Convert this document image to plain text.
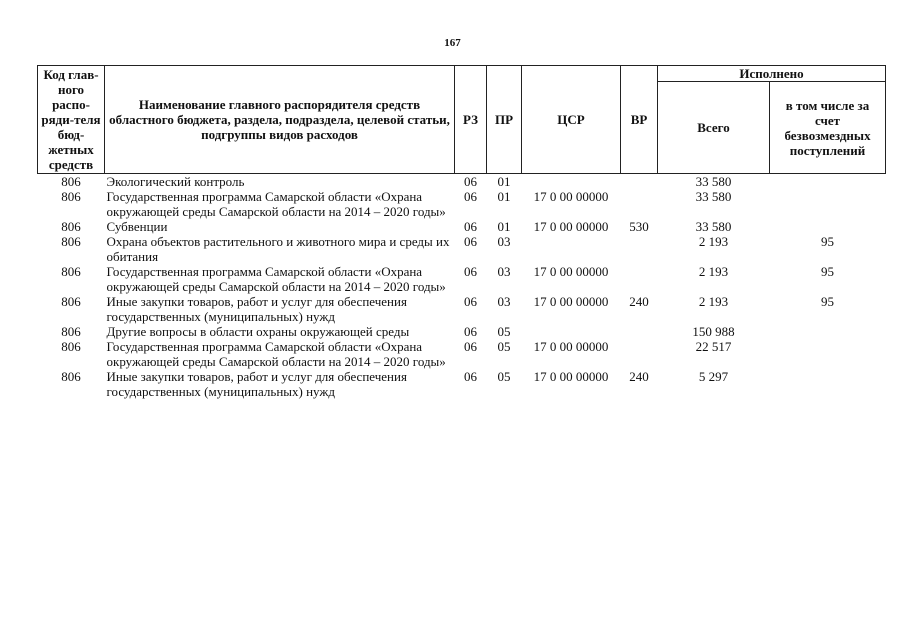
167
Код глав-ного распо-ряди-теля бюд-жетных средств	Наименование главного распорядителя средств областного бюджета, раздела, подраздела, целевой статьи, подгруппы видов расходов	РЗ	ПР	ЦСР	ВР	Исполнено	
						Всего	в том числе за счет безвозмездных поступлений
806	Экологический контроль	06	01			33 580	
806	Государственная программа Самарской области «Охрана окружающей среды Самарской области на 2014 – 2020 годы»	06	01	17 0 00 00000		33 580	
806	Субвенции	06	01	17 0 00 00000	530	33 580	
806	Охрана объектов растительного и животного мира и среды их обитания	06	03			2 193	95
806	Государственная программа Самарской области «Охрана окружающей среды Самарской области на 2014 – 2020 годы»	06	03	17 0 00 00000		2 193	95
806	Иные закупки товаров, работ и услуг для обеспечения государственных (муниципальных) нужд	06	03	17 0 00 00000	240	2 193	95
806	Другие вопросы в области охраны окружающей среды	06	05			150 988	
806	Государственная программа Самарской области «Охрана окружающей среды Самарской области на 2014 – 2020 годы»	06	05	17 0 00 00000		22 517	
806	Иные закупки товаров, работ и услуг для обеспечения государственных (муниципальных) нужд	06	05	17 0 00 00000	240	5 297	
